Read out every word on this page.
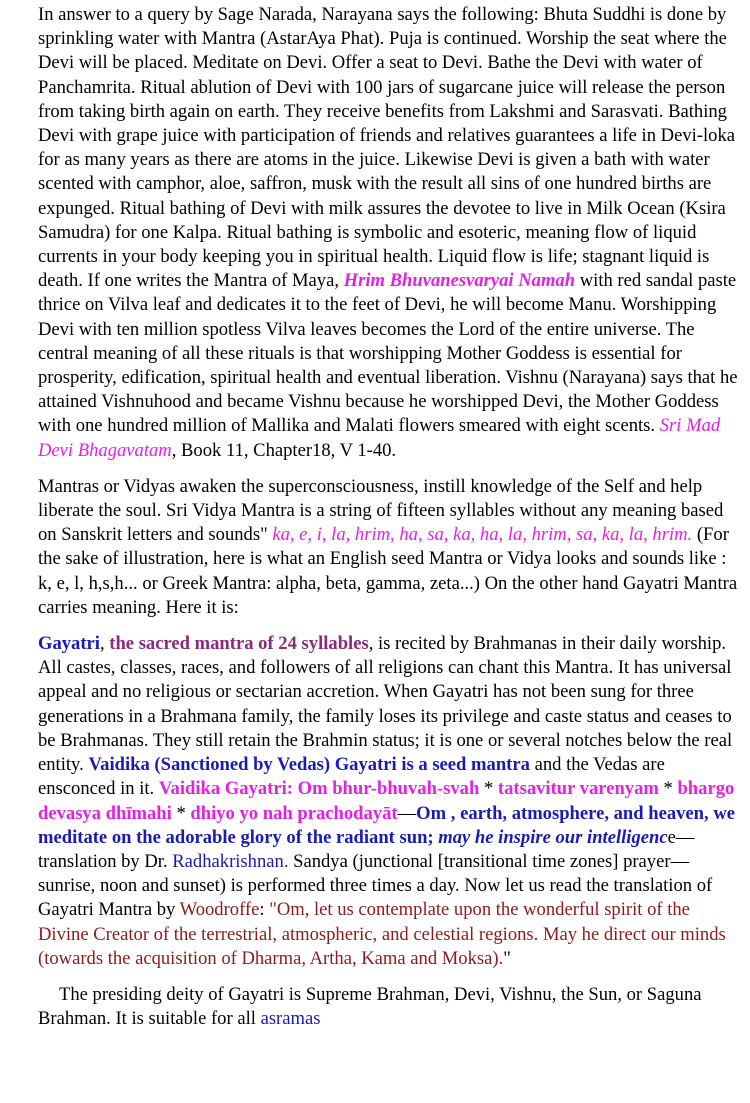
In answer to a query by Sage Narada, Narayana says the following: Bhuta Suddhi is done by sprinkling water with Mantra (AstarAya Phat). Puja is continued. Worship the seat where the Devi will be placed. Meditate on Devi. Offer a seat to Devi. Bathe the Devi with water of Panchamrita. Ritual ablution of Devi with 100 jars of sugarcane juice will release the person from taking birth again on earth. They receive benefits from Lakshmi and Sarasvati. Bathing Devi with grape juice with participation of friends and relatives guarantees a life in Devi-loka for as many years as there are atoms in the juice. Likewise Devi is given a bath with water scented with camphor, aloe, saffron, musk with the result all sins of one hundred births are expunged. Ritual bathing of Devi with milk assures the devotee to live in Milk Ocean (Ksira Samudra) for one Kalpa. Ritual bathing is symbolic and esoteric, meaning flow of liquid currents in your body keeping you in spiritual health. Liquid flow is life; stagnant liquid is death. If one writes the Mantra of Maya, Hrim Bhuvanesvaryai Namah with red sandal paste thrice on Vilva leaf and dedicates it to the feet of Devi, he will become Manu. Worshipping Devi with ten million spotless Vilva leaves becomes the Lord of the entire universe. The central meaning of all these rituals is that worshipping Mother Goddess is essential for prosperity, edification, spiritual health and eventual liberation. Vishnu (Narayana) says that he attained Vishnuhood and became Vishnu because he worshipped Devi, the Mother Goddess with one hundred million of Mallika and Malati flowers smeared with eight scents. Sri Mad Devi Bhagavatam, Book 11, Chapter18, V 1-40.

Mantras or Vidyas awaken the superconsciousness, instill knowledge of the Self and help liberate the soul. Sri Vidya Mantra is a string of fifteen syllables without any meaning based on Sanskrit letters and sounds" ka, e, i, la, hrim, ha, sa, ka, ha, la, hrim, sa, ka, la, hrim. (For the sake of illustration, here is what an English seed Mantra or Vidya looks and sounds like : k, e, l, h,s,h... or Greek Mantra: alpha, beta, gamma, zeta...) On the other hand Gayatri Mantra carries meaning. Here it is:

Gayatri, the sacred mantra of 24 syllables, is recited by Brahmanas in their daily worship. All castes, classes, races, and followers of all religions can chant this Mantra. It has universal appeal and no religious or sectarian accretion. When Gayatri has not been sung for three generations in a Brahmana family, the family loses its privilege and caste status and ceases to be Brahmanas. They still retain the Brahmin status; it is one or several notches below the real entity. Vaidika (Sanctioned by Vedas) Gayatri is a seed mantra and the Vedas are ensconced in it. Vaidika Gayatri: Om bhur-bhuvah-svah * tatsavitur varenyam * bhargo devasya dhīmahi * dhiyo yo nah prachodayāt—Om , earth, atmosphere, and heaven, we meditate on the adorable glory of the radiant sun; may he inspire our intelligence—translation by Dr. Radhakrishnan. Sandya (junctional [transitional time zones] prayer—sunrise, noon and sunset) is performed three times a day. Now let us read the translation of Gayatri Mantra by Woodroffe: "Om, let us contemplate upon the wonderful spirit of the Divine Creator of the terrestrial, atmospheric, and celestial regions. May he direct our minds (towards the acquisition of Dharma, Artha, Kama and Moksa)."

The presiding deity of Gayatri is Supreme Brahman, Devi, Vishnu, the Sun, or Saguna Brahman. It is suitable for all asramas
